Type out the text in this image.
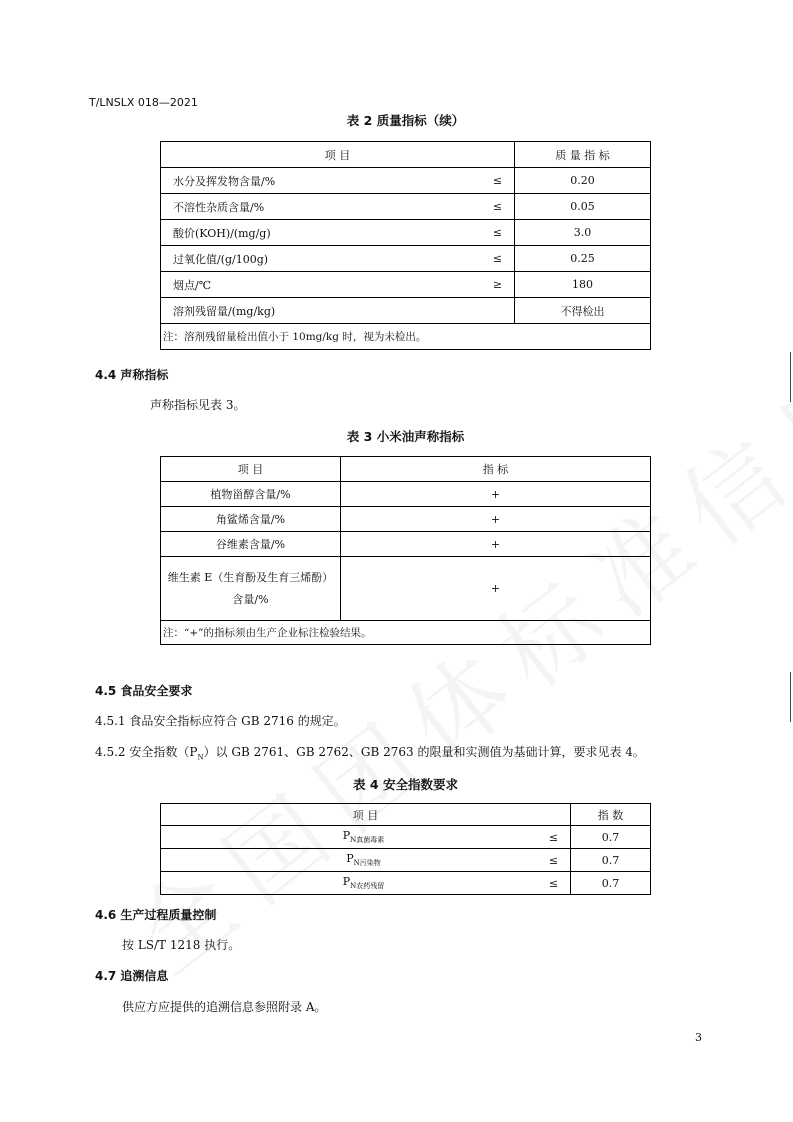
T/LNSLX 018—2021
表 2 质量指标（续）
项 目		质 量 指 标
水分及挥发物含量/%	≤	0.20
不溶性杂质含量/%	≤	0.05
酸价(KOH)/(mg/g)	≤	3.0
过氧化值/(g/100g)	≤	0.25
烟点/℃	≥	180
溶剂残留量/(mg/kg)		不得检出
注：溶剂残留量检出值小于 10mg/kg 时，视为未检出。		
4.4 声称指标
声称指标见表 3。
表 3 小米油声称指标
项 目	指 标
植物甾醇含量/%	+
角鲨烯含量/%	+
谷维素含量/%	+

维生素 E（生育酚及生育三烯酚）
含量/%	+
注：“+”的指标须由生产企业标注检验结果。	
4.5 食品安全要求
4.5.1 食品安全指标应符合 GB 2716 的规定。
4.5.2 安全指数$(P_N)$以 GB 2761、GB 2762、GB 2763 的限量和实测值为基础计算，要求见表 4。
表 4 安全指数要求
项 目		指 数
$P_{N真菌毒素}$	≤	0.7
$P_{N污染物}$	≤	0.7
$P_{N农药残留}$	≤	0.7
4.6 生产过程质量控制
按 LS/T 1218 执行。
4.7 追溯信息
供应方应提供的追溯信息参照附录 A。
3
